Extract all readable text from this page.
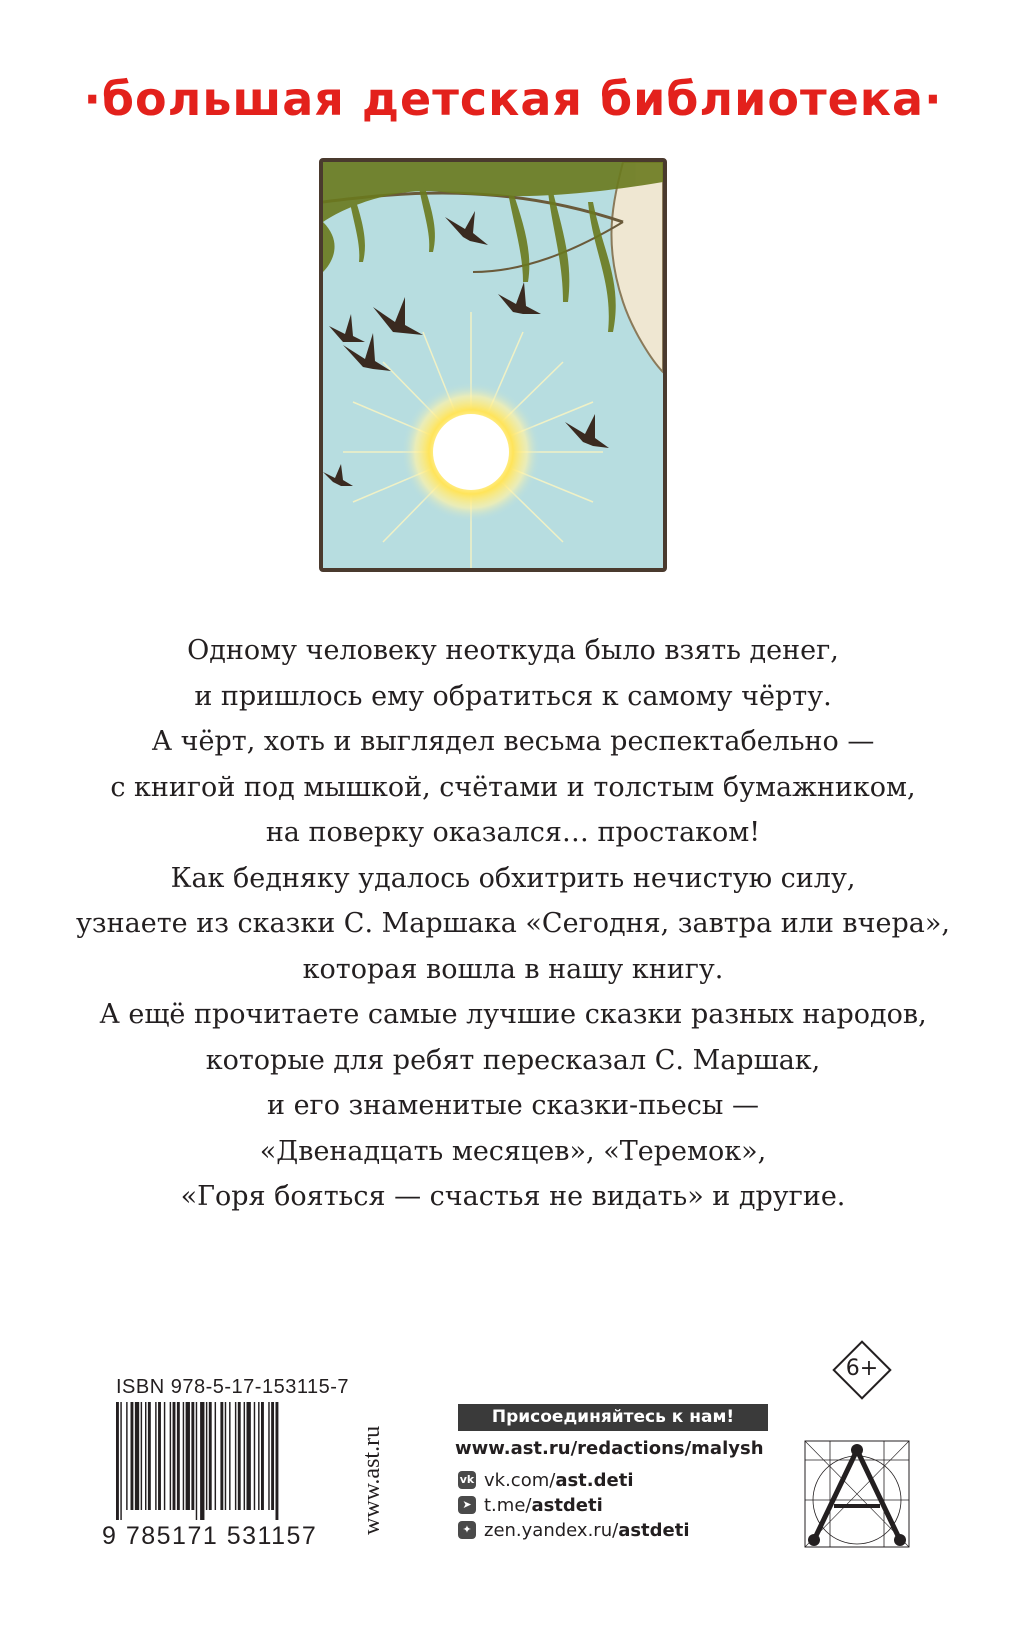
·большая детская библиотека·
Одному человеку неоткуда было взять денег,
и пришлось ему обратиться к самому чёрту.
А чёрт, хоть и выглядел весьма респектабельно —
с книгой под мышкой, счётами и толстым бумажником,
на поверку оказался… простаком!
Как бедняку удалось обхитрить нечистую силу,
узнаете из сказки С. Маршака «Сегодня, завтра или вчера»,
которая вошла в нашу книгу.
А ещё прочитаете самые лучшие сказки разных народов,
которые для ребят пересказал С. Маршак,
и его знаменитые сказки-пьесы —
«Двенадцать месяцев», «Теремок»,
«Горя бояться — счастья не видать» и другие.
ISBN 978-5-17-153115-7
9 785171 531157
www.ast.ru
Присоединяйтесь к нам!
www.ast.ru/redactions/malysh
vk vk.com/ ast.deti
➤ t.me/ astdeti
✦ zen.yandex.ru/ astdeti
6+
